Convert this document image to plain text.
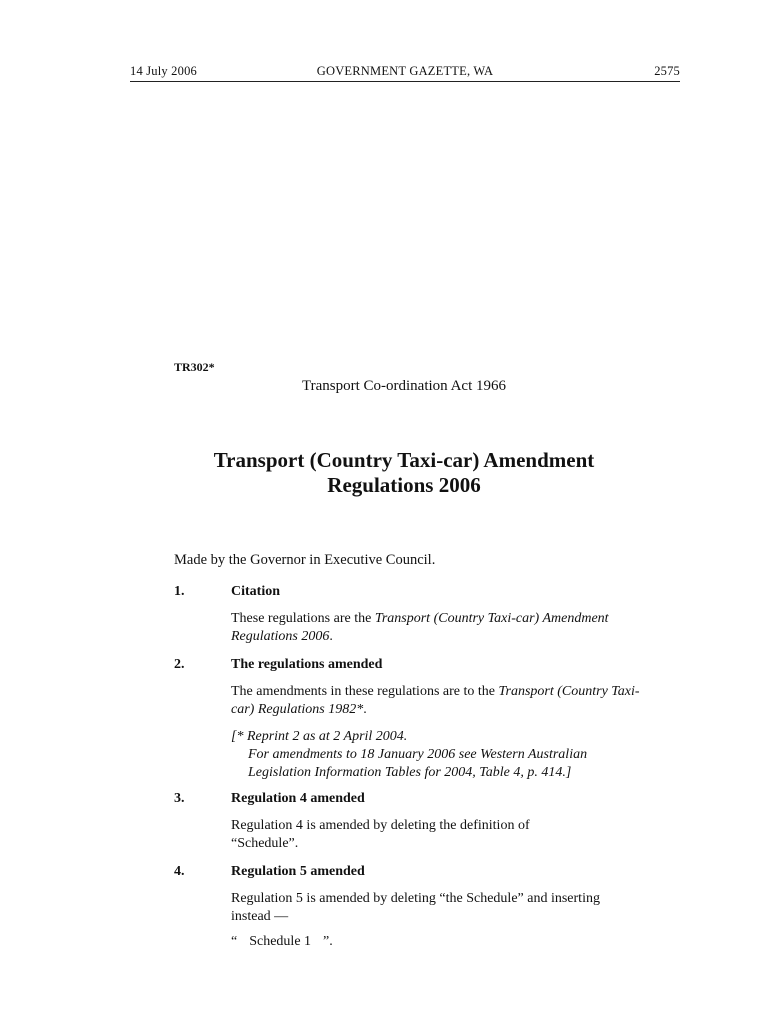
14 July 2006	GOVERNMENT GAZETTE, WA	2575
TR302*
Transport Co-ordination Act 1966
Transport (Country Taxi-car) Amendment
Regulations 2006
Made by the Governor in Executive Council.
1.	Citation
These regulations are the Transport (Country Taxi-car) Amendment Regulations 2006.
2.	The regulations amended
The amendments in these regulations are to the Transport (Country Taxi-car) Regulations 1982*.
[* Reprint 2 as at 2 April 2004.
For amendments to 18 January 2006 see Western Australian
Legislation Information Tables for 2004, Table 4, p. 414.]
3.	Regulation 4 amended
Regulation 4 is amended by deleting the definition of “Schedule”.
4.	Regulation 5 amended
Regulation 5 is amended by deleting “the Schedule” and inserting instead —
“ Schedule 1 ”.
